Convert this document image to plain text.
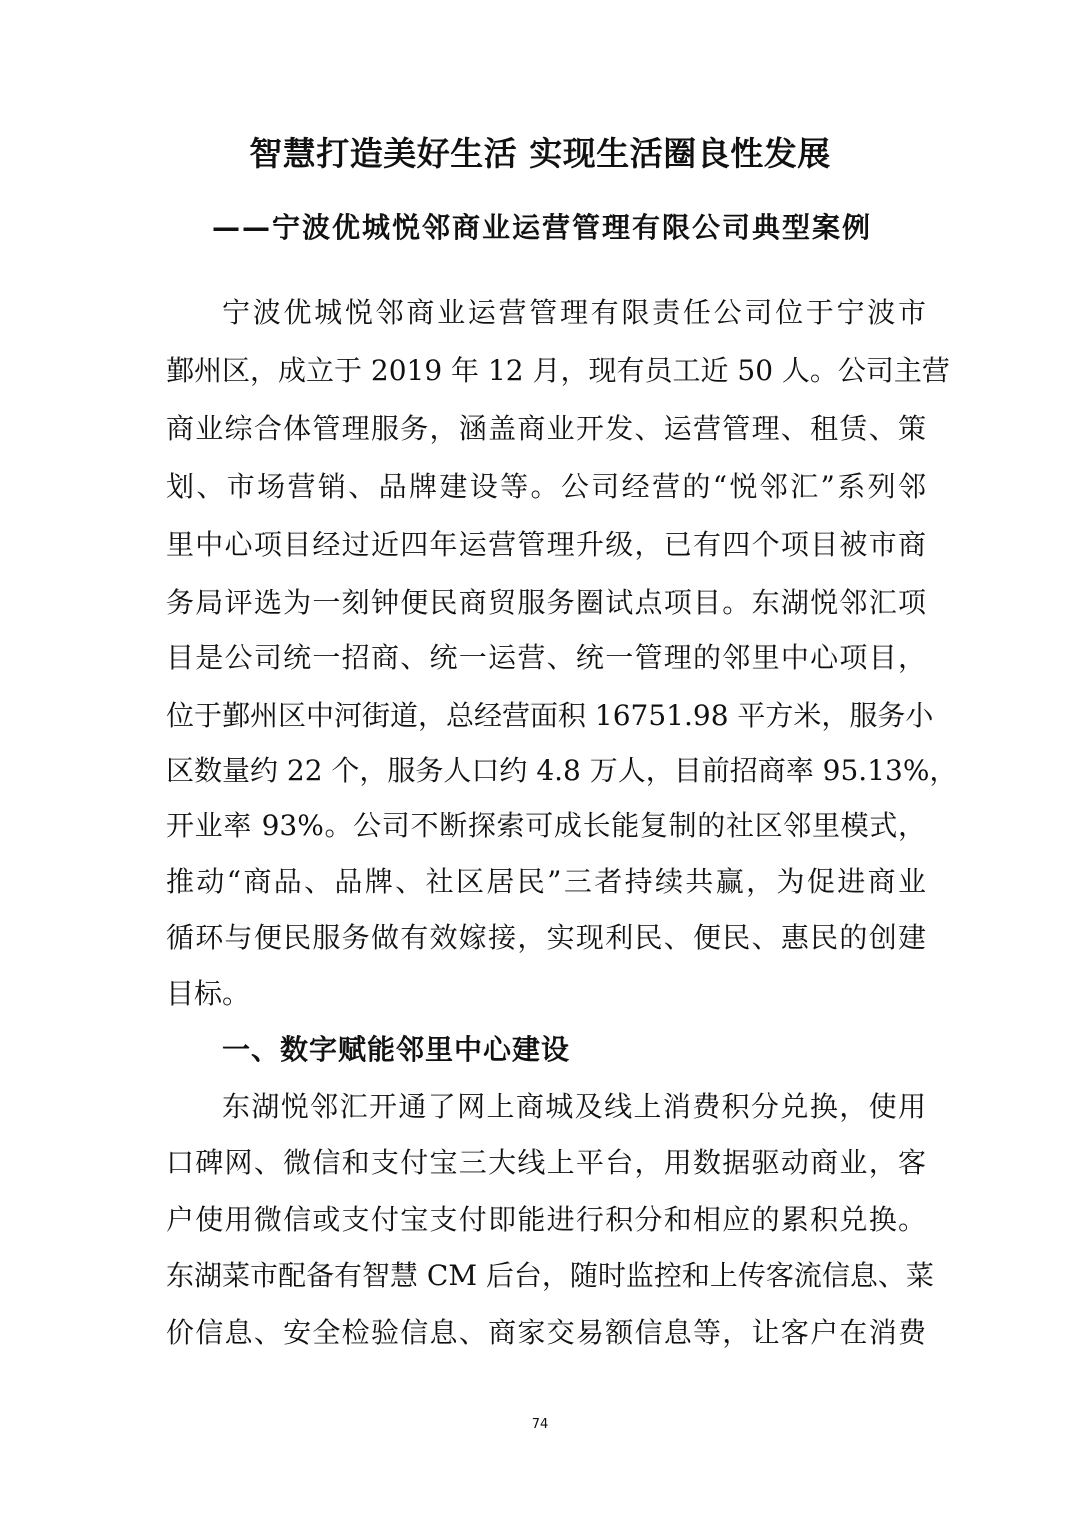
智慧打造美好生活 实现生活圈良性发展
——宁波优城悦邻商业运营管理有限公司典型案例
宁波优城悦邻商业运营管理有限责任公司位于宁波市
鄞州区，成立于 2019 年 12 月，现有员工近 50 人。公司主营
商业综合体管理服务，涵盖商业开发、运营管理、租赁、策
划、市场营销、品牌建设等。公司经营的“悦邻汇”系列邻
里中心项目经过近四年运营管理升级，已有四个项目被市商
务局评选为一刻钟便民商贸服务圈试点项目。东湖悦邻汇项
目是公司统一招商、统一运营、统一管理的邻里中心项目，
位于鄞州区中河街道，总经营面积 16751.98 平方米，服务小
区数量约 22 个，服务人口约 4.8 万人，目前招商率 95.13%，
开业率 93%。公司不断探索可成长能复制的社区邻里模式，
推动“商品、品牌、社区居民”三者持续共赢，为促进商业
循环与便民服务做有效嫁接，实现利民、便民、惠民的创建
目标。
一、数字赋能邻里中心建设
东湖悦邻汇开通了网上商城及线上消费积分兑换，使用
口碑网、微信和支付宝三大线上平台，用数据驱动商业，客
户使用微信或支付宝支付即能进行积分和相应的累积兑换。
东湖菜市配备有智慧 CM 后台，随时监控和上传客流信息、菜
价信息、安全检验信息、商家交易额信息等，让客户在消费
74
